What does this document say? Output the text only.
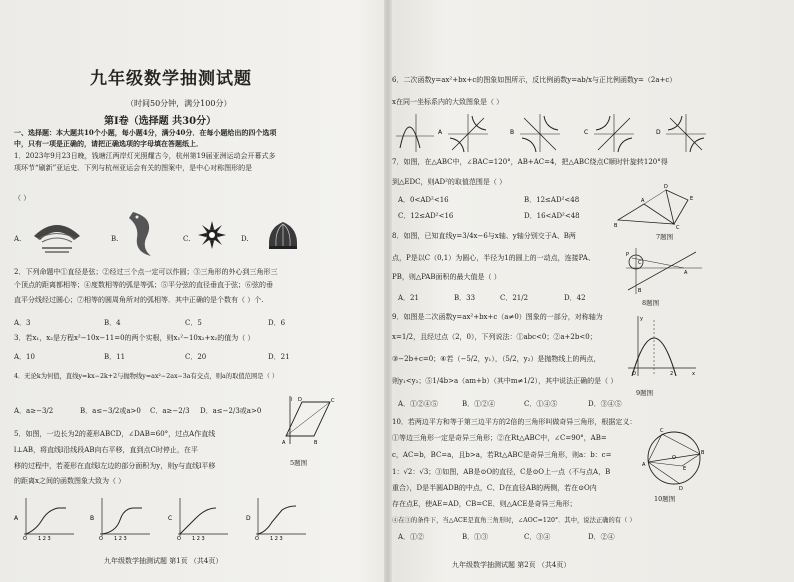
九年级数学抽测试题
（时间50分钟，满分100分）
第Ⅰ卷（选择题 共30分）
一、选择题：本大题共10个小题，每小题4分，满分40分．在每小题给出的四个选项
中，只有一项是正确的，请把正确选项的字母填在答题纸上．
1．2023年9月23日晚，钱塘江两岸灯光照耀古今，杭州第19届亚洲运动会开幕式多
项环节“刷新”亚运史．下列与杭州亚运会有关的图案中，是中心对称图形的是
（ ）
A.	B.	C.	D.
2．下列命题中①直径是弦；②经过三个点一定可以作圆；③三角形的外心到三角形三
个顶点的距离都相等；④度数相等的弧是等弧；⑤平分弦的直径垂直于弦；⑥弦的垂
直平分线经过圆心；⑦相等的圆周角所对的弧相等．其中正确的是个数有（ ）个.
A．3	B．4	C．5	D．6
3．若x₁，x₂是方程x²−10x−11=0的两个实根，则x₁²−10x₂+x₂的值为（ ）
A．10	B．11	C．20	D．21
4．无论k为何值，直线y=kx−2k+2与抛物线y=ax²−2ax−3a有交点，则a的取值范围是（ ）
A．a≥−3/2	B．a≤−3/2或a>0 C．a≥−2/3 D．a≤−2/3或a>0
A	B
C
D
l
5．如图，一边长为2的菱形ABCD，∠DAB=60°，过点A作直线
l⊥AB，将直线l沿线段AB向右平移，直到点C时停止，在平
移的过程中，若菱形在直线l左边的部分面积为y，则y与直线l平移
的距离x之间的函数图象大致为（ ）
5题图
A
O 1 2 3
B
O 1 2 3
C
O 1 2 3
D
O 1 2 3
九年级数学抽测试题 第1页 （共4页）
6．二次函数y=ax²+bx+c的图象如图所示，反比例函数y=ab/x与正比例函数y=（2a+c）
x在同一坐标系内的大致图象是（ ）
A	B	C	D
7．如图，在△ABC中，∠BAC=120°，AB+AC=4，把△ABC绕点C顺时针旋转120°得
到△EDC，则AD²的取值范围是（ ）
A．0<AD²<16	B．12≤AD²<48
C．12≤AD²<16	D．16<AD²<48
B
A
C
D
E
7题图
8．如图，已知直线y=3/4x−6与x轴、y轴分别交于A、B两
点，P是以C（0,1）为圆心，半径为1的圆上的一动点，连接PA、
PB，则△PAB面积的最大值是（ ）
A．21	B．33	C．21/2	D．42
P
C
A
B
8题图
9．如图是二次函数y=ax²+bx+c（a≠0）图象的一部分，对称轴为
x=1/2，且经过点（2，0），下列说法：①abc<0；②a+2b<0；
③−2b+c=0；④若（−5/2，y₁），（5/2，y₂）是抛物线上的两点，
则y₁<y₂；⑤1/4b>a（am+b）（其中m≠1/2），其中说法正确的是（ ）
A．①②④⑤	B．①②④	C．①④⑤	D．③④⑤
O	2	x
y
9题图
10．若两边平方和等于第三边平方的2倍的三角形叫做奇异三角形，根据定义：
①等边三角形一定是奇异三角形；②在Rt△ABC中，∠C=90°，AB=
c，AC=b，BC=a，且b>a，若Rt△ABC是奇异三角形，则a：b：c=
1：√2：√3；③如图，AB是⊙O的直径，C是⊙O上一点（不与点A，B
重合），D是半圆ADB的中点，C、D在直径AB的两侧，若在⊙O内
存在点E，使AE=AD，CB=CE．则△ACE是奇异三角形；
④在③的条件下，当△ACE是直角三角形时，∠AOC=120°．其中，说法正确的有（ ）
A．①②	B．①③	C．③④	D．②④
A
B
C
D
O
E
10题图
九年级数学抽测试题 第2页 （共4页）
